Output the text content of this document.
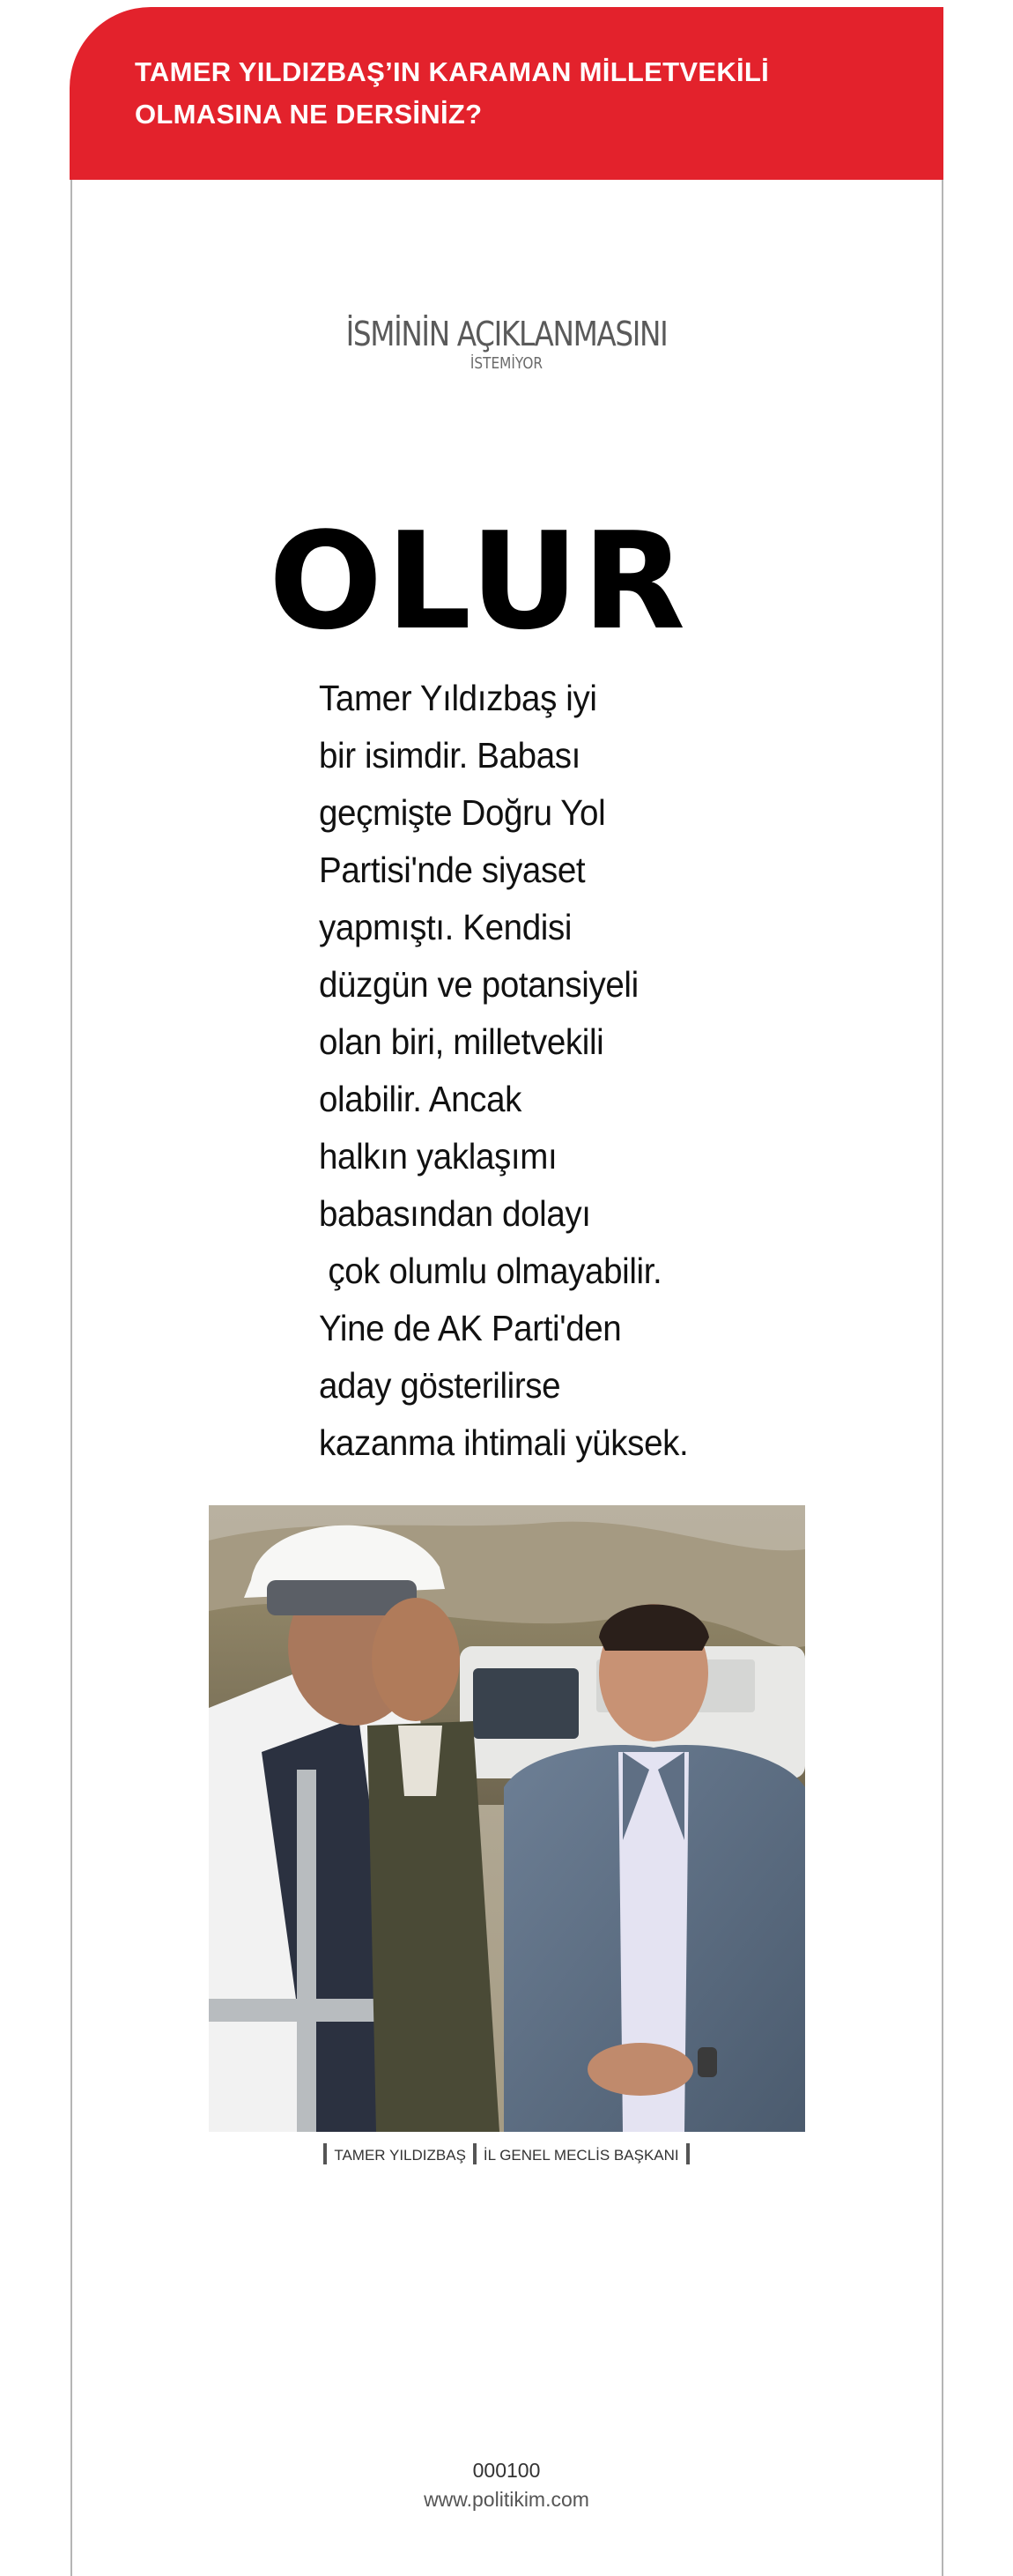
TAMER YILDIZBAŞ’IN KARAMAN MİLLETVEKİLİ OLMASINA NE DERSİNİZ?
İSMİNİN AÇIKLANMASINI
İSTEMİYOR
OLUR
Tamer Yıldızbaş iyi
bir isimdir. Babası
geçmişte Doğru Yol
Partisi'nde siyaset
yapmıştı. Kendisi
düzgün ve potansiyeli
olan biri, milletvekili
olabilir. Ancak
halkın yaklaşımı
babasından dolayı
çok olumlu olmayabilir.
Yine de AK Parti'den
aday gösterilirse
kazanma ihtimali yüksek.
TAMER YILDIZBAŞ İL GENEL MECLİS BAŞKANI
000100
www.politikim.com
